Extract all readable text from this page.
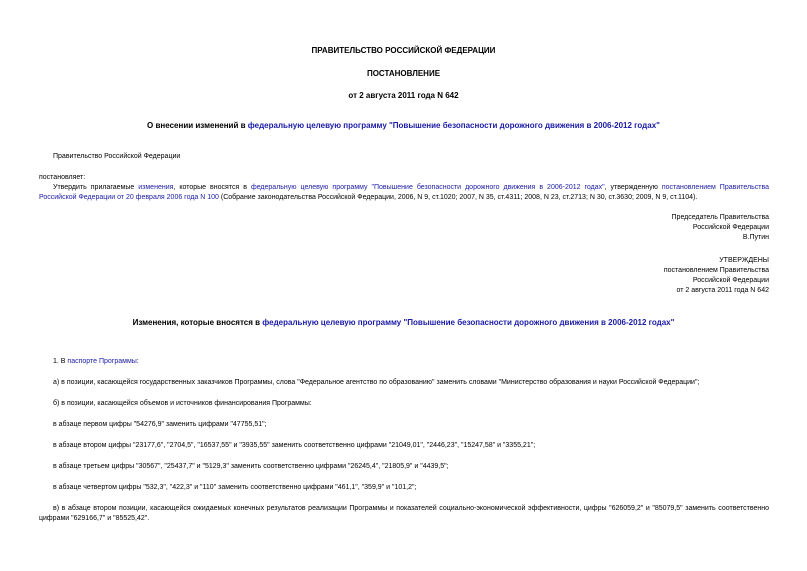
ПРАВИТЕЛЬСТВО РОССИЙСКОЙ ФЕДЕРАЦИИ
ПОСТАНОВЛЕНИЕ
от 2 августа 2011 года N 642
О внесении изменений в федеральную целевую программу "Повышение безопасности дорожного движения в 2006-2012 годах"
Правительство Российской Федерации
постановляет:
Утвердить прилагаемые изменения, которые вносятся в федеральную целевую программу "Повышение безопасности дорожного движения в 2006-2012 годах", утвержденную постановлением Правительства Российской Федерации от 20 февраля 2006 года N 100 (Собрание законодательства Российской Федерации, 2006, N 9, ст.1020; 2007, N 35, ст.4311; 2008, N 23, ст.2713; N 30, ст.3630; 2009, N 9, ст.1104).

Председатель Правительства

Российской Федерации

В.Путин

УТВЕРЖДЕНЫ

постановлением Правительства

Российской Федерации

от 2 августа 2011 года N 642

Изменения, которые вносятся в федеральную целевую программу "Повышение безопасности дорожного движения в 2006-2012 годах"
1. В паспорте Программы:
а) в позиции, касающейся государственных заказчиков Программы, слова "Федеральное агентство по образованию" заменить словами "Министерство образования и науки Российской Федерации";
б) в позиции, касающейся объемов и источников финансирования Программы:
в абзаце первом цифры "54276,9" заменить цифрами "47755,51";
в абзаце втором цифры "23177,6", "2704,5", "16537,55" и "3935,55" заменить соответственно цифрами "21049,01", "2446,23", "15247,58" и "3355,21";
в абзаце третьем цифры "30567", "25437,7" и "5129,3" заменить соответственно цифрами "26245,4", "21805,9" и "4439,5";
в абзаце четвертом цифры "532,3", "422,3" и "110" заменить соответственно цифрами "461,1", "359,9" и "101,2";
в) в абзаце втором позиции, касающейся ожидаемых конечных результатов реализации Программы и показателей социально-экономической эффективности, цифры "626059,2" и "85079,5" заменить соответственно цифрами "629166,7" и "85525,42".
